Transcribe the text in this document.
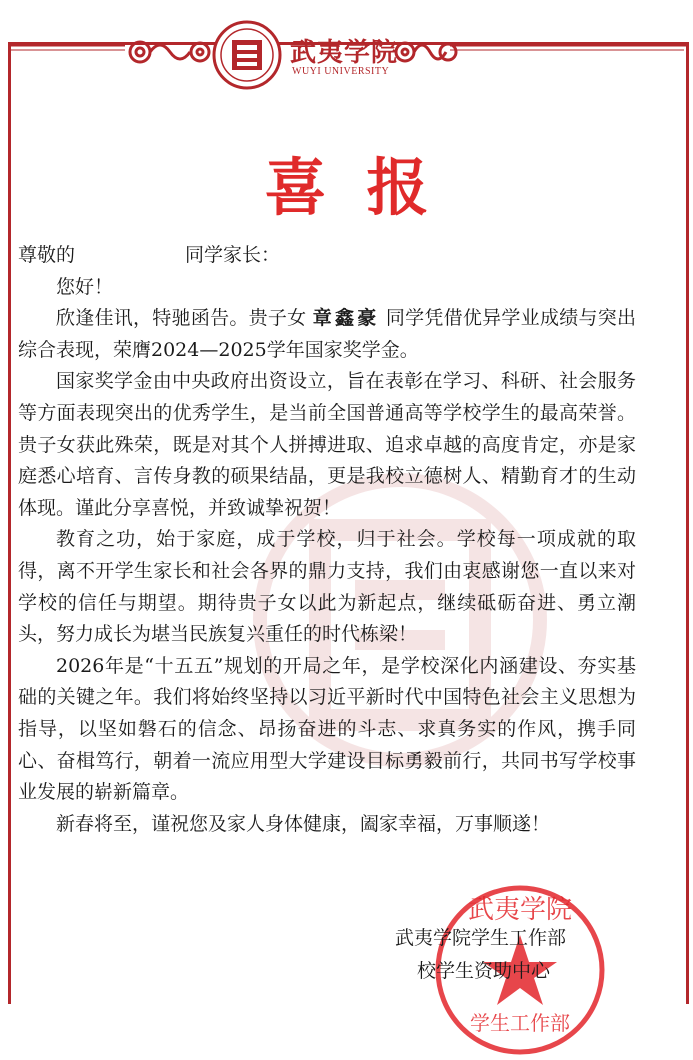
武夷学院
WUYI UNIVERSITY
喜报

尊敬的	同学家长：

您好！

欣逢佳讯，特驰函告。贵子女 章鑫豪 同学凭借优异学业成绩与突出综合表现，荣膺2024—2025学年国家奖学金。

国家奖学金由中央政府出资设立，旨在表彰在学习、科研、社会服务等方面表现突出的优秀学生，是当前全国普通高等学校学生的最高荣誉。贵子女获此殊荣，既是对其个人拼搏进取、追求卓越的高度肯定，亦是家庭悉心培育、言传身教的硕果结晶，更是我校立德树人、精勤育才的生动体现。谨此分享喜悦，并致诚挚祝贺！

教育之功，始于家庭，成于学校，归于社会。学校每一项成就的取得，离不开学生家长和社会各界的鼎力支持，我们由衷感谢您一直以来对学校的信任与期望。期待贵子女以此为新起点，继续砥砺奋进、勇立潮头，努力成长为堪当民族复兴重任的时代栋梁！

2026年是“十五五”规划的开局之年，是学校深化内涵建设、夯实基础的关键之年。我们将始终坚持以习近平新时代中国特色社会主义思想为指导，以坚如磐石的信念、昂扬奋进的斗志、求真务实的作风，携手同心、奋楫笃行，朝着一流应用型大学建设目标勇毅前行，共同书写学校事业发展的崭新篇章。

新春将至，谨祝您及家人身体健康，阖家幸福，万事顺遂！

武夷学院
学生工作部

武夷学院学生工作部

校学生资助中心
